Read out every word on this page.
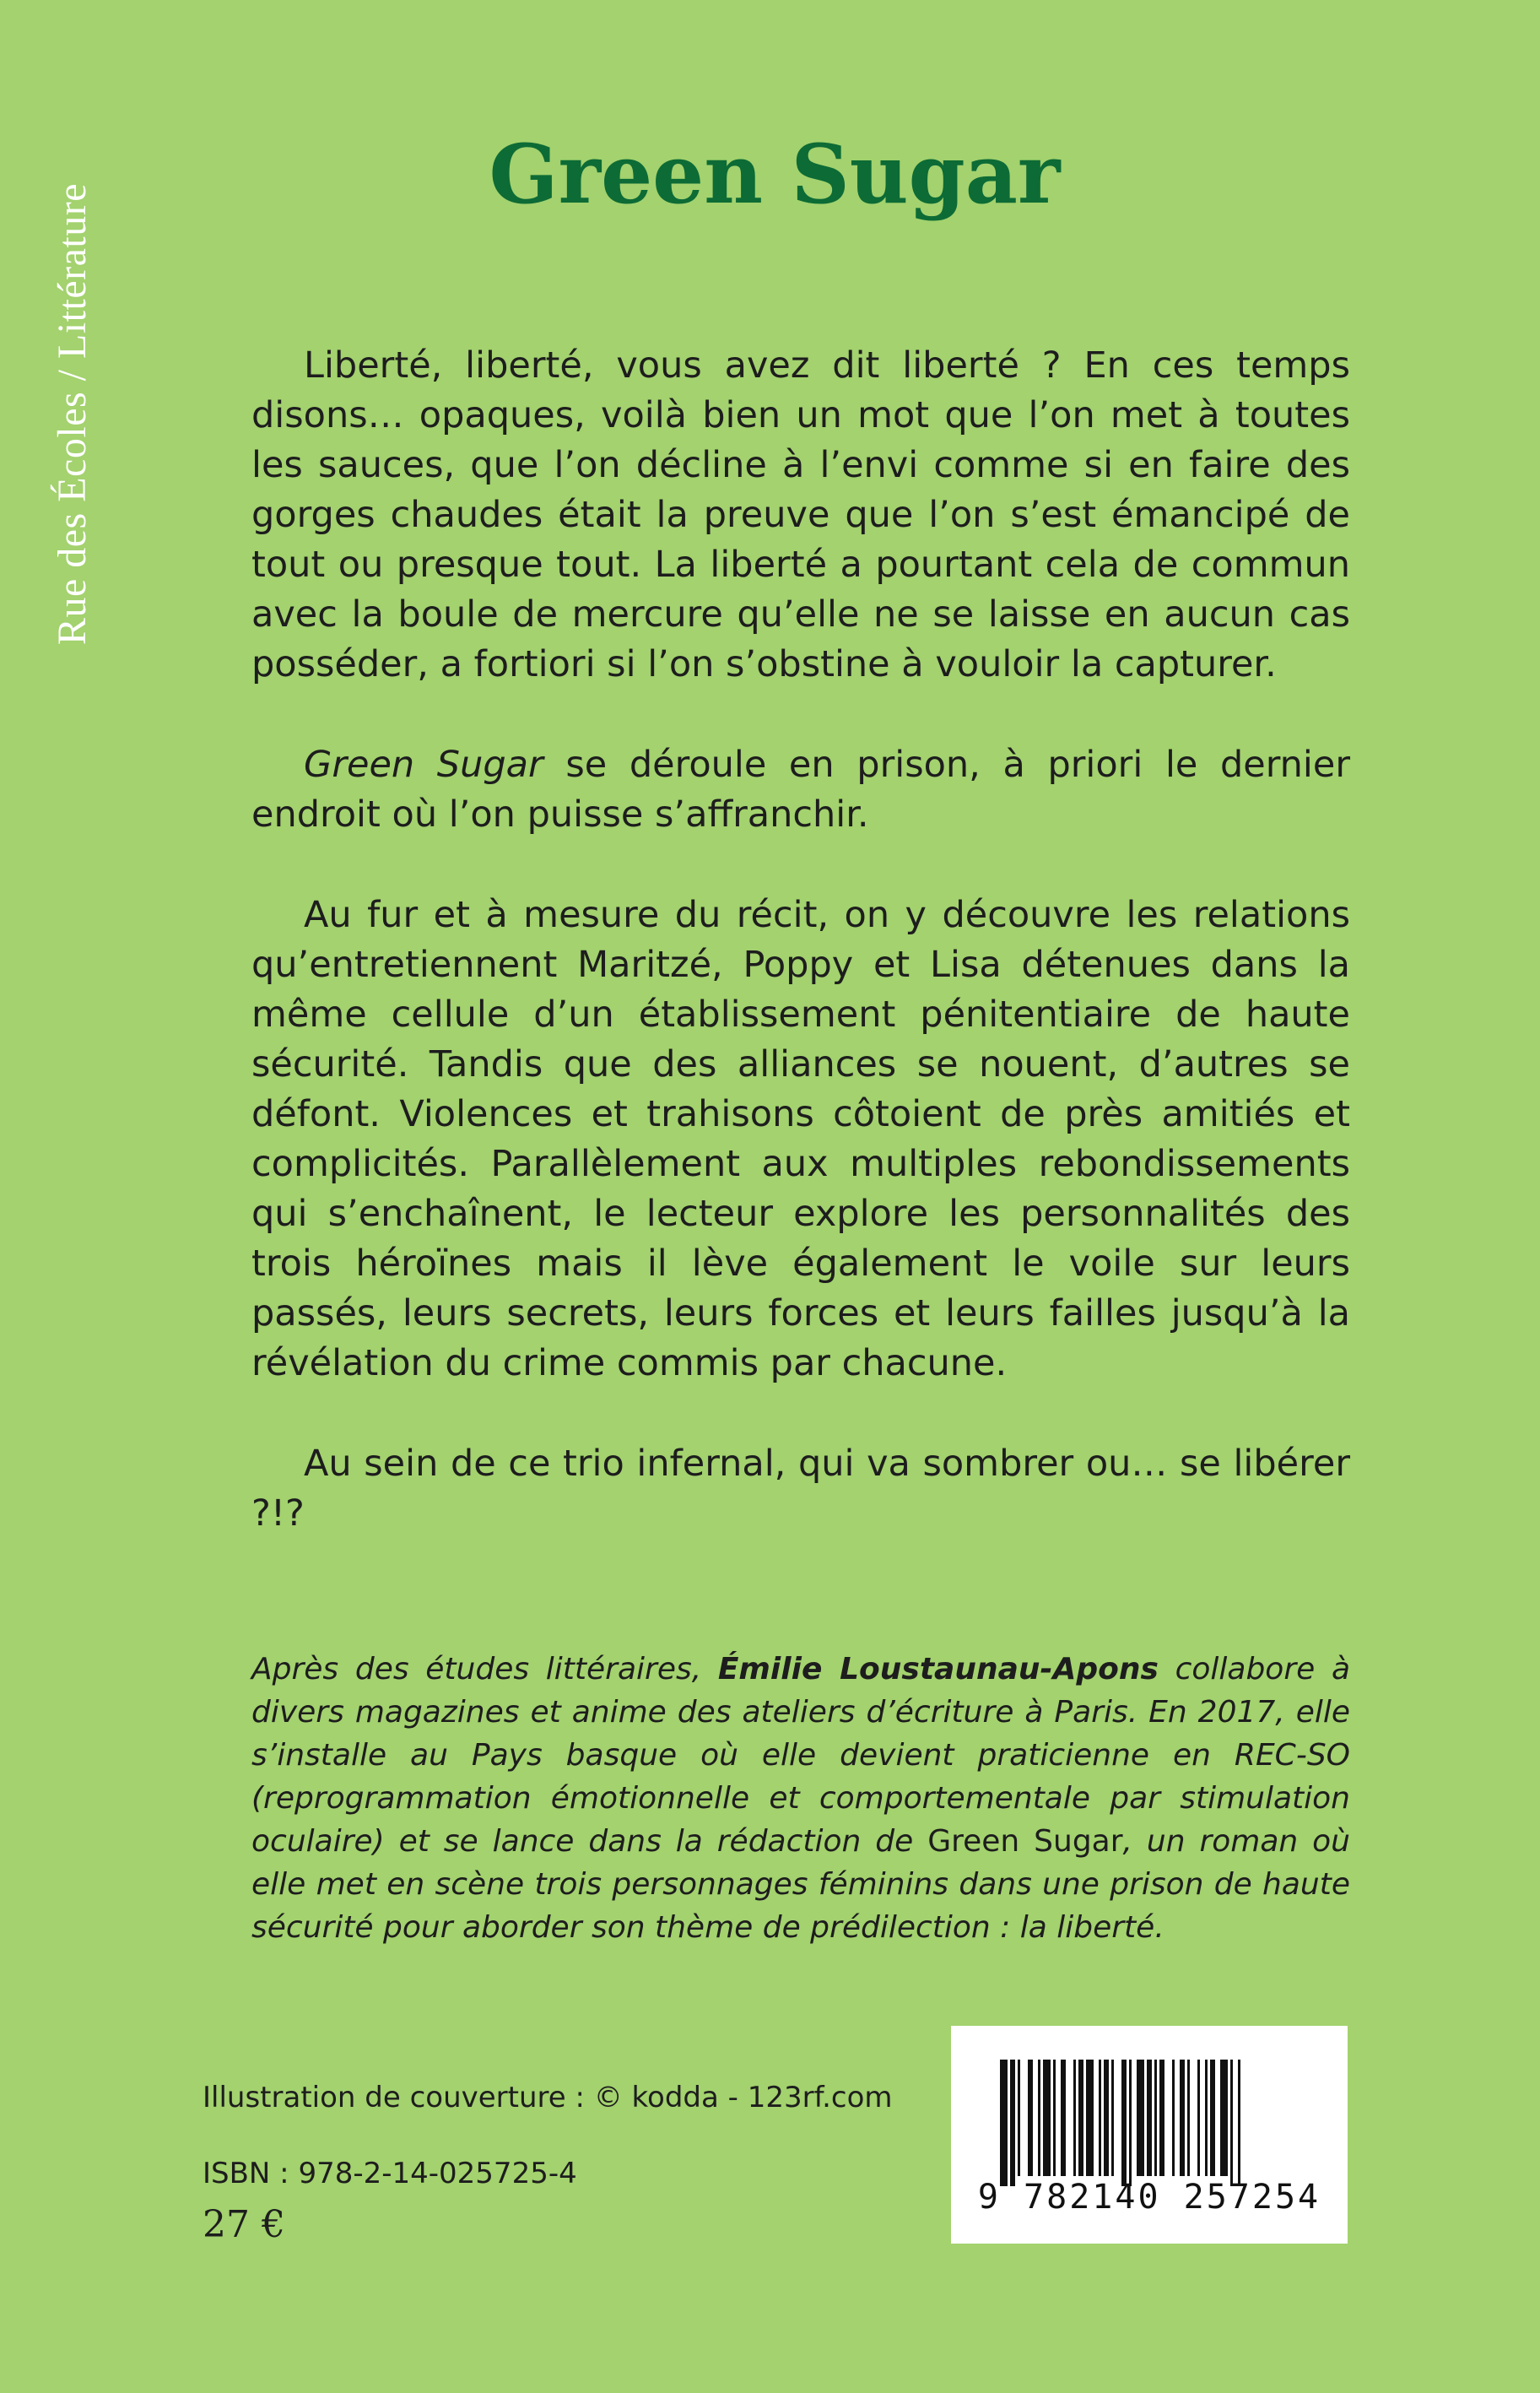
Rue des Écoles / Littérature
Green Sugar

Liberté, liberté, vous avez dit liberté ? En ces temps disons… opaques, voilà bien un mot que l’on met à toutes les sauces, que l’on décline à l’envi comme si en faire des gorges chaudes était la preuve que l’on s’est émancipé de tout ou presque tout. La liberté a pourtant cela de commun avec la boule de mercure qu’elle ne se laisse en aucun cas posséder, a fortiori si l’on s’obstine à vouloir la capturer.

Green Sugar se déroule en prison, à priori le dernier endroit où l’on puisse s’affranchir.

Au fur et à mesure du récit, on y découvre les relations qu’entretiennent Maritzé, Poppy et Lisa détenues dans la même cellule d’un établissement pénitentiaire de haute sécurité. Tandis que des alliances se nouent, d’autres se défont. Violences et trahisons côtoient de près amitiés et complicités. Parallèlement aux multiples rebondissements qui s’enchaînent, le lecteur explore les personnalités des trois héroïnes mais il lève également le voile sur leurs passés, leurs secrets, leurs forces et leurs failles jusqu’à la révélation du crime commis par chacune.

Au sein de ce trio infernal, qui va sombrer ou… se libérer ?!?

Après des études littéraires, Émilie Loustaunau-Apons collabore à divers magazines et anime des ateliers d’écriture à Paris. En 2017, elle s’installe au Pays basque où elle devient praticienne en REC-SO (reprogrammation émotionnelle et comportementale par stimulation oculaire) et se lance dans la rédaction de Green Sugar, un roman où elle met en scène trois personnages féminins dans une prison de haute sécurité pour aborder son thème de prédilection : la liberté.

Illustration de couverture : © kodda - 123rf.com
ISBN : 978-2-14-025725-4
27 €
9 782140 257254
